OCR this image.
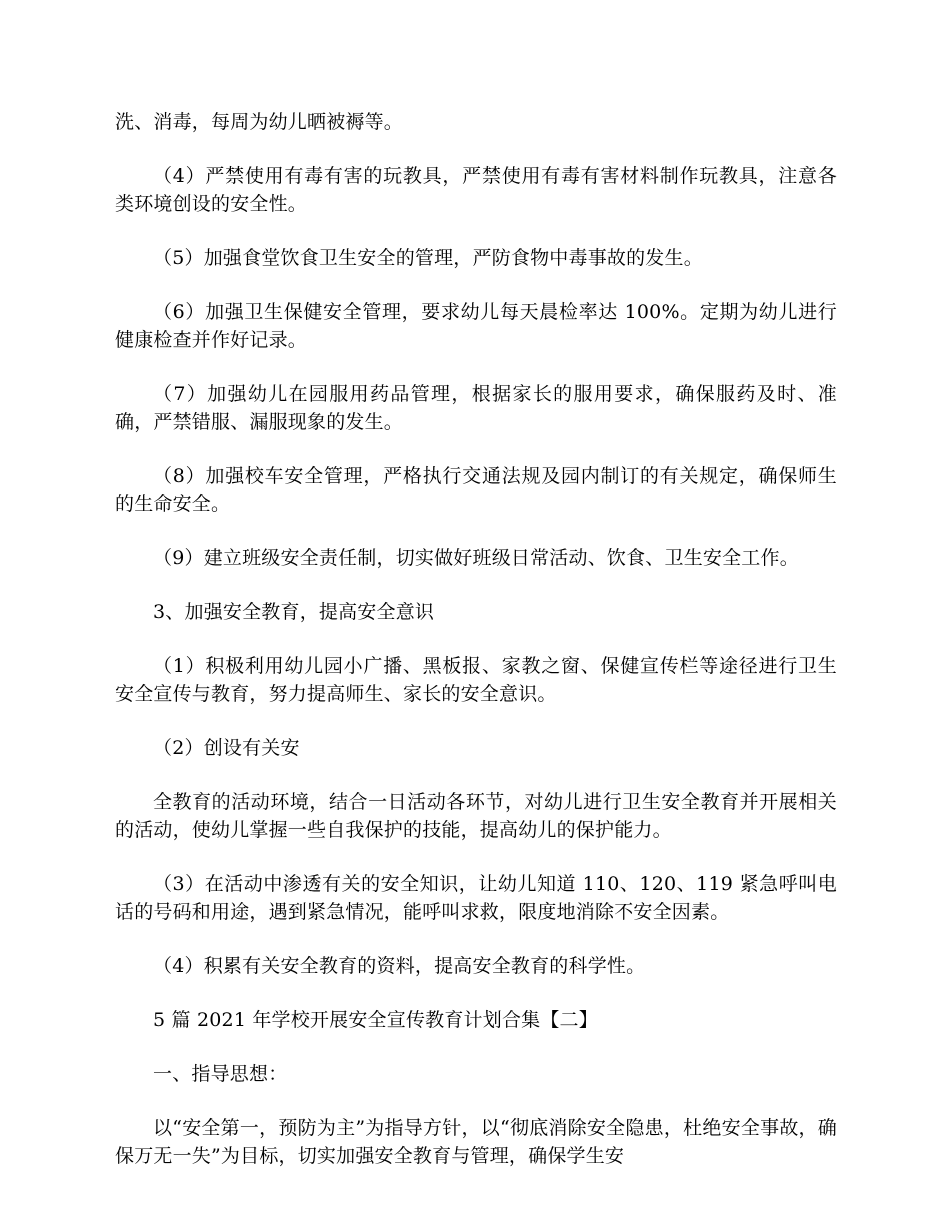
洗、消毒，每周为幼儿晒被褥等。

（4）严禁使用有毒有害的玩教具，严禁使用有毒有害材料制作玩教具，注意各类环境创设的安全性。

（5）加强食堂饮食卫生安全的管理，严防食物中毒事故的发生。

（6）加强卫生保健安全管理，要求幼儿每天晨检率达 100%。定期为幼儿进行健康检查并作好记录。

（7）加强幼儿在园服用药品管理，根据家长的服用要求，确保服药及时、准确，严禁错服、漏服现象的发生。

（8）加强校车安全管理，严格执行交通法规及园内制订的有关规定，确保师生的生命安全。

（9）建立班级安全责任制，切实做好班级日常活动、饮食、卫生安全工作。

3、加强安全教育，提高安全意识

（1）积极利用幼儿园小广播、黑板报、家教之窗、保健宣传栏等途径进行卫生安全宣传与教育，努力提高师生、家长的安全意识。

（2）创设有关安

全教育的活动环境，结合一日活动各环节，对幼儿进行卫生安全教育并开展相关的活动，使幼儿掌握一些自我保护的技能，提高幼儿的保护能力。

（3）在活动中渗透有关的安全知识，让幼儿知道 110、120、119 紧急呼叫电话的号码和用途，遇到紧急情况，能呼叫求救，限度地消除不安全因素。

（4）积累有关安全教育的资料，提高安全教育的科学性。

5 篇 2021 年学校开展安全宣传教育计划合集【二】

一、指导思想：

以“安全第一，预防为主”为指导方针，以“彻底消除安全隐患，杜绝安全事故，确保万无一失”为目标，切实加强安全教育与管理，确保学生安
